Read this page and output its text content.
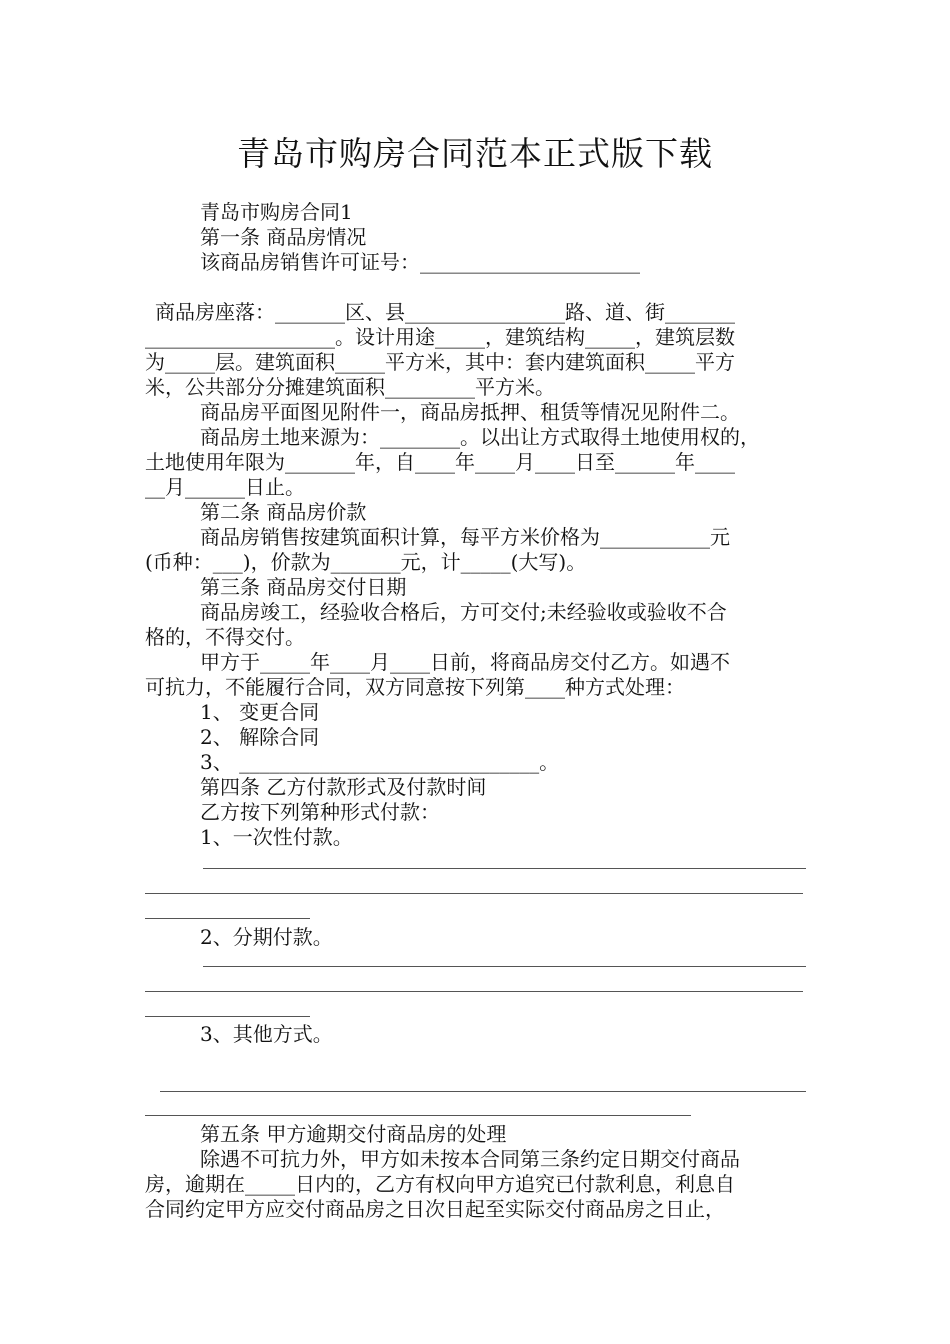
青岛市购房合同范本正式版下载
青岛市购房合同1
第一条 商品房情况
该商品房销售许可证号：______________________
商品房座落：_______区、县________________路、道、街_______
___________________。设计用途_____，建筑结构_____，建筑层数
为_____层。建筑面积_____平方米，其中：套内建筑面积_____平方
米，公共部分分摊建筑面积_________平方米。
商品房平面图见附件一，商品房抵押、租赁等情况见附件二。
商品房土地来源为：________。以出让方式取得土地使用权的，
土地使用年限为_______年，自____年____月____日至______年____
__月______日止。
第二条 商品房价款
商品房销售按建筑面积计算，每平方米价格为___________元
(币种：___)，价款为_______元，计_____(大写)。
第三条 商品房交付日期
商品房竣工，经验收合格后，方可交付;未经验收或验收不合
格的，不得交付。
甲方于_____年____月____日前，将商品房交付乙方。如遇不
可抗力，不能履行合同，双方同意按下列第____种方式处理：
1、 变更合同
2、 解除合同
3、 ______________________________。
第四条 乙方付款形式及付款时间
乙方按下列第种形式付款：
1、一次性付款。
2、分期付款。
3、其他方式。
第五条 甲方逾期交付商品房的处理
除遇不可抗力外，甲方如未按本合同第三条约定日期交付商品
房，逾期在_____日内的，乙方有权向甲方追究已付款利息，利息自
合同约定甲方应交付商品房之日次日起至实际交付商品房之日止，
